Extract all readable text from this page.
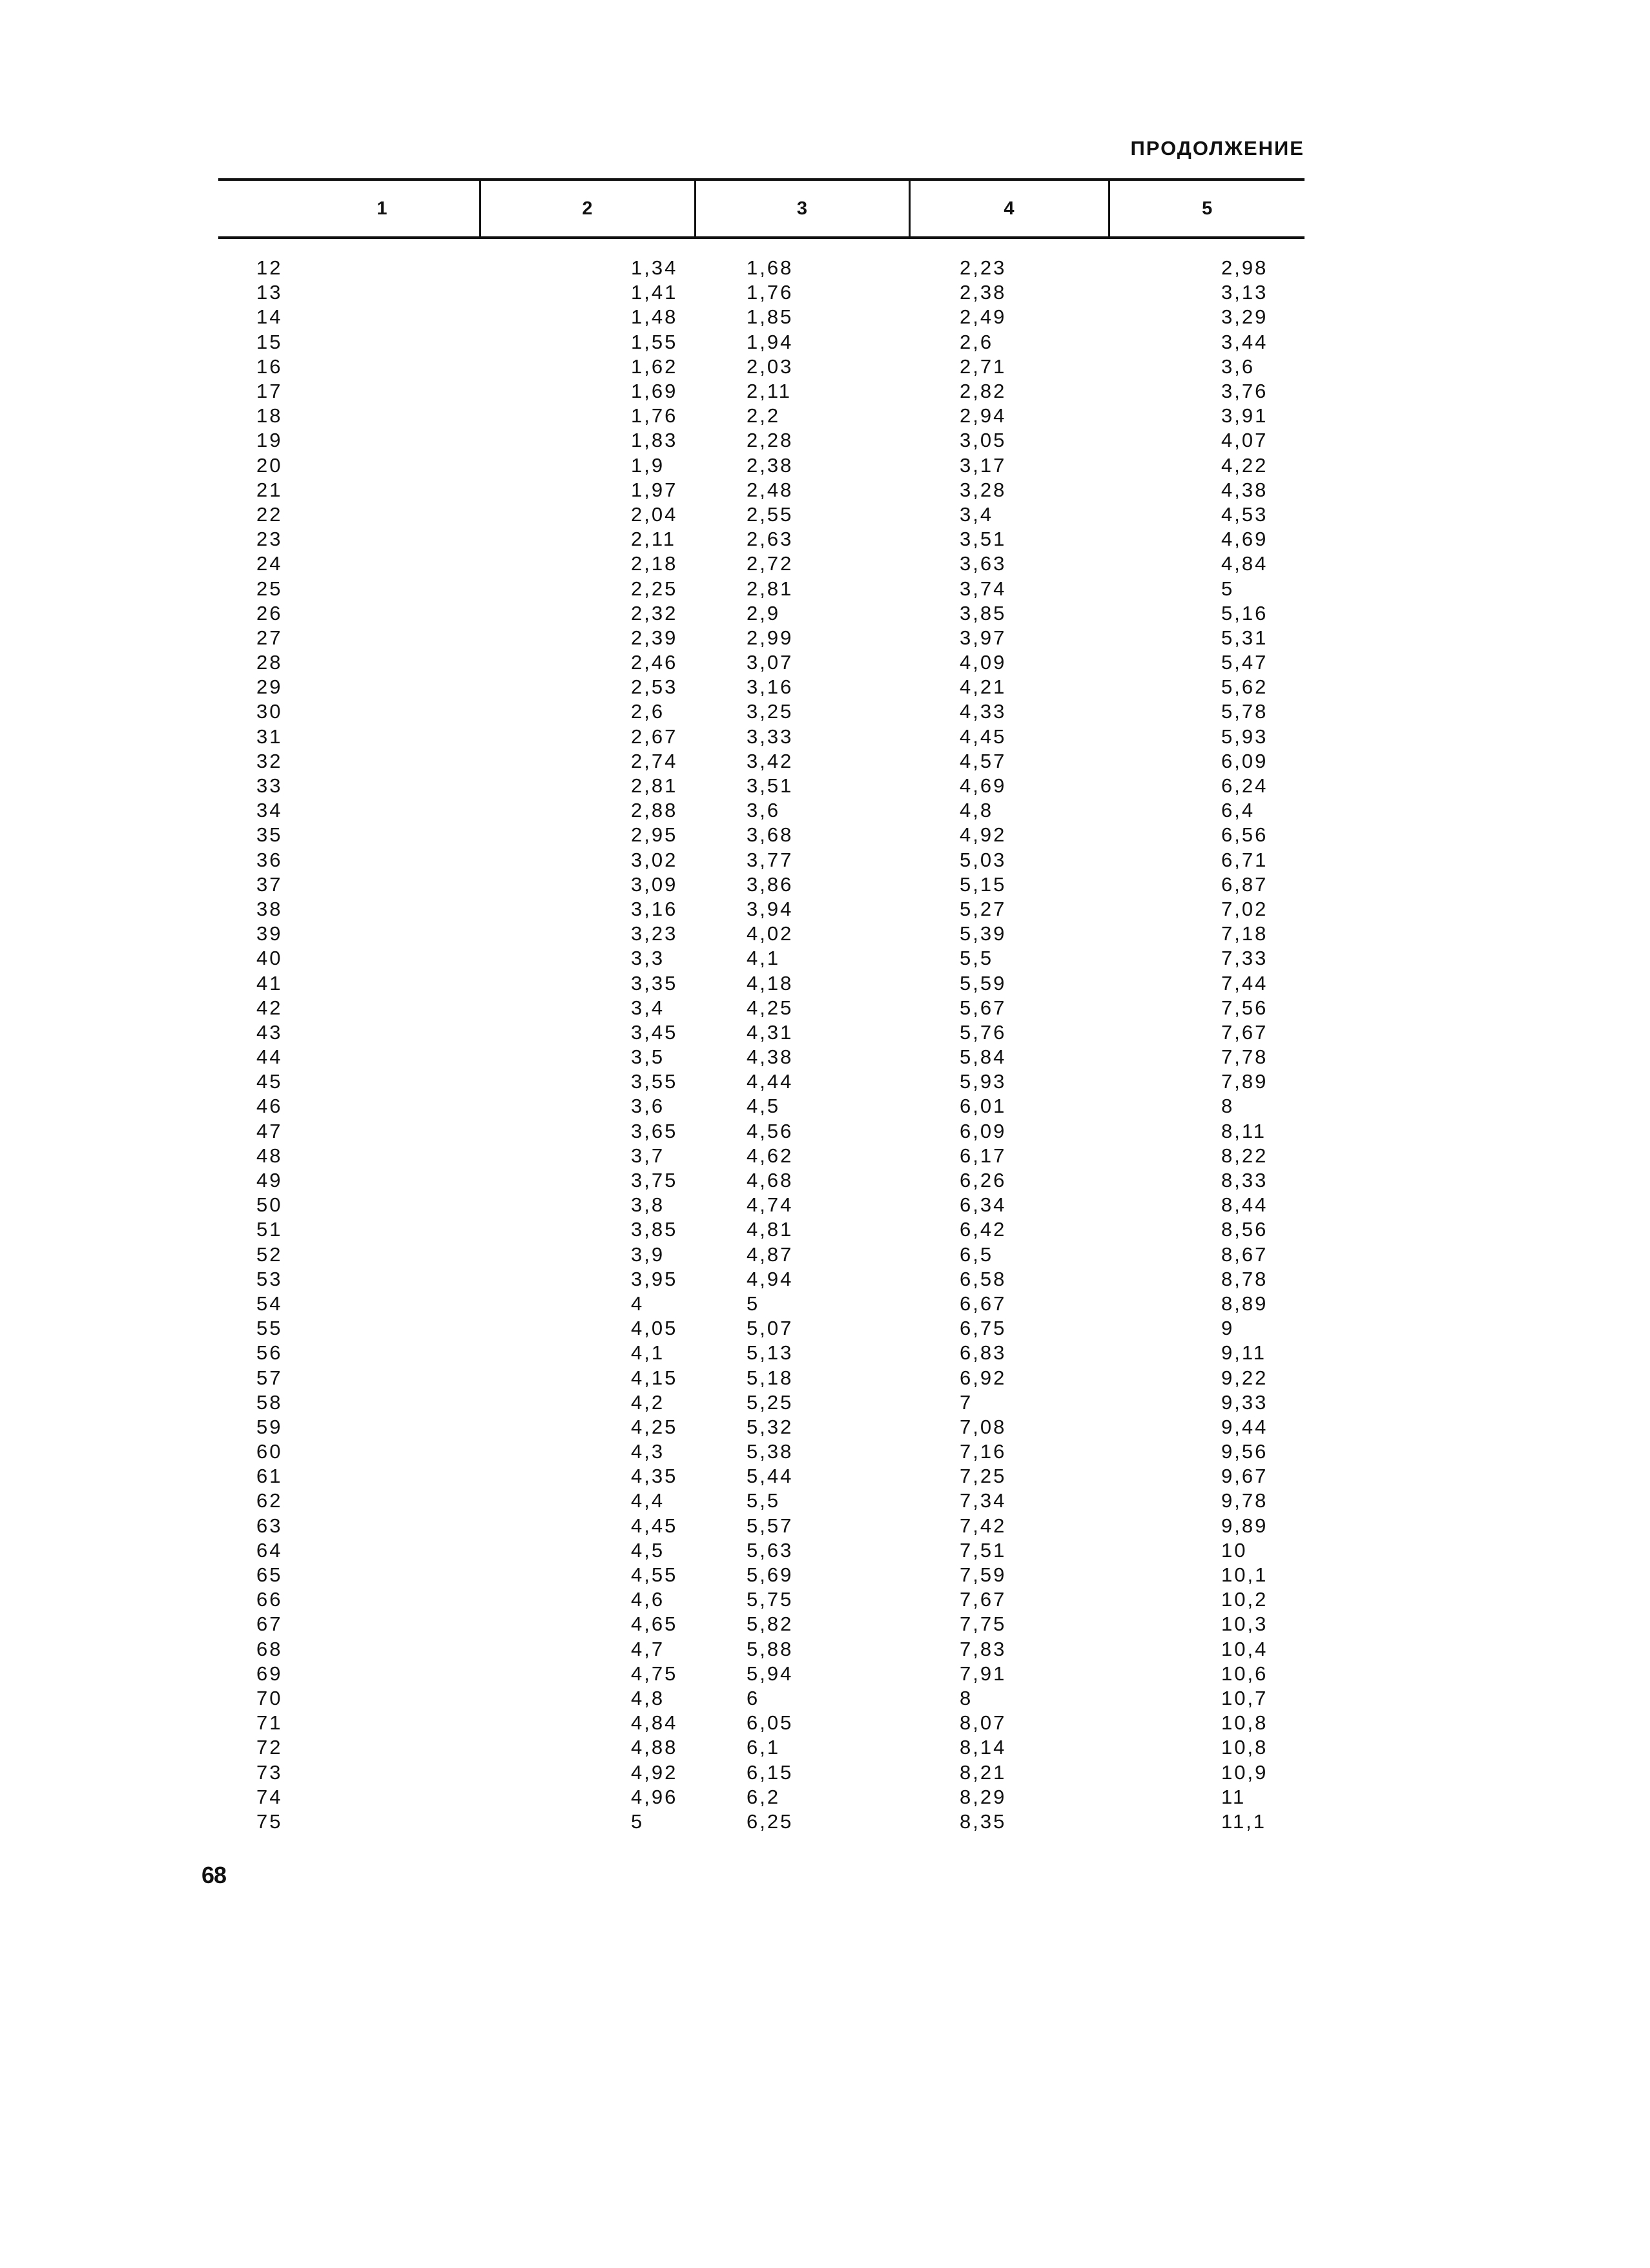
ПРОДОЛЖЕНИЕ
1	2	3	4	5

12	1,34	1,68	2,23	2,98
13	1,41	1,76	2,38	3,13
14	1,48	1,85	2,49	3,29
15	1,55	1,94	2,6	3,44
16	1,62	2,03	2,71	3,6
17	1,69	2,11	2,82	3,76
18	1,76	2,2	2,94	3,91
19	1,83	2,28	3,05	4,07
20	1,9	2,38	3,17	4,22
21	1,97	2,48	3,28	4,38
22	2,04	2,55	3,4	4,53
23	2,11	2,63	3,51	4,69
24	2,18	2,72	3,63	4,84
25	2,25	2,81	3,74	5
26	2,32	2,9	3,85	5,16
27	2,39	2,99	3,97	5,31
28	2,46	3,07	4,09	5,47
29	2,53	3,16	4,21	5,62
30	2,6	3,25	4,33	5,78
31	2,67	3,33	4,45	5,93
32	2,74	3,42	4,57	6,09
33	2,81	3,51	4,69	6,24
34	2,88	3,6	4,8	6,4
35	2,95	3,68	4,92	6,56
36	3,02	3,77	5,03	6,71
37	3,09	3,86	5,15	6,87
38	3,16	3,94	5,27	7,02
39	3,23	4,02	5,39	7,18
40	3,3	4,1	5,5	7,33
41	3,35	4,18	5,59	7,44
42	3,4	4,25	5,67	7,56
43	3,45	4,31	5,76	7,67
44	3,5	4,38	5,84	7,78
45	3,55	4,44	5,93	7,89
46	3,6	4,5	6,01	8
47	3,65	4,56	6,09	8,11
48	3,7	4,62	6,17	8,22
49	3,75	4,68	6,26	8,33
50	3,8	4,74	6,34	8,44
51	3,85	4,81	6,42	8,56
52	3,9	4,87	6,5	8,67
53	3,95	4,94	6,58	8,78
54	4	5	6,67	8,89
55	4,05	5,07	6,75	9
56	4,1	5,13	6,83	9,11
57	4,15	5,18	6,92	9,22
58	4,2	5,25	7	9,33
59	4,25	5,32	7,08	9,44
60	4,3	5,38	7,16	9,56
61	4,35	5,44	7,25	9,67
62	4,4	5,5	7,34	9,78
63	4,45	5,57	7,42	9,89
64	4,5	5,63	7,51	10
65	4,55	5,69	7,59	10,1
66	4,6	5,75	7,67	10,2
67	4,65	5,82	7,75	10,3
68	4,7	5,88	7,83	10,4
69	4,75	5,94	7,91	10,6
70	4,8	6	8	10,7
71	4,84	6,05	8,07	10,8
72	4,88	6,1	8,14	10,8
73	4,92	6,15	8,21	10,9
74	4,96	6,2	8,29	11
75	5	6,25	8,35	11,1
68
